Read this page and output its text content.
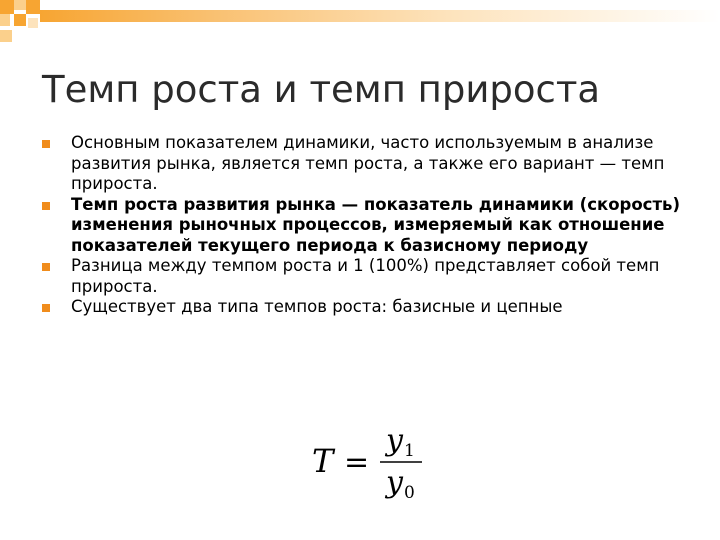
Темп роста и темп прироста
Основным показателем динамики, часто используемым в анализе развития рынка, является темп роста, а также его вариант — темп прироста.
Темп роста развития рынка — показатель динамики (скорость) изменения рыночных процессов, измеряемый как отношение показателей текущего периода к базисному периоду
Разница между темпом роста и 1 (100%) представляет собой темп прироста.
Существует два типа темпов роста: базисные и цепные
T =
y 1
y 0
